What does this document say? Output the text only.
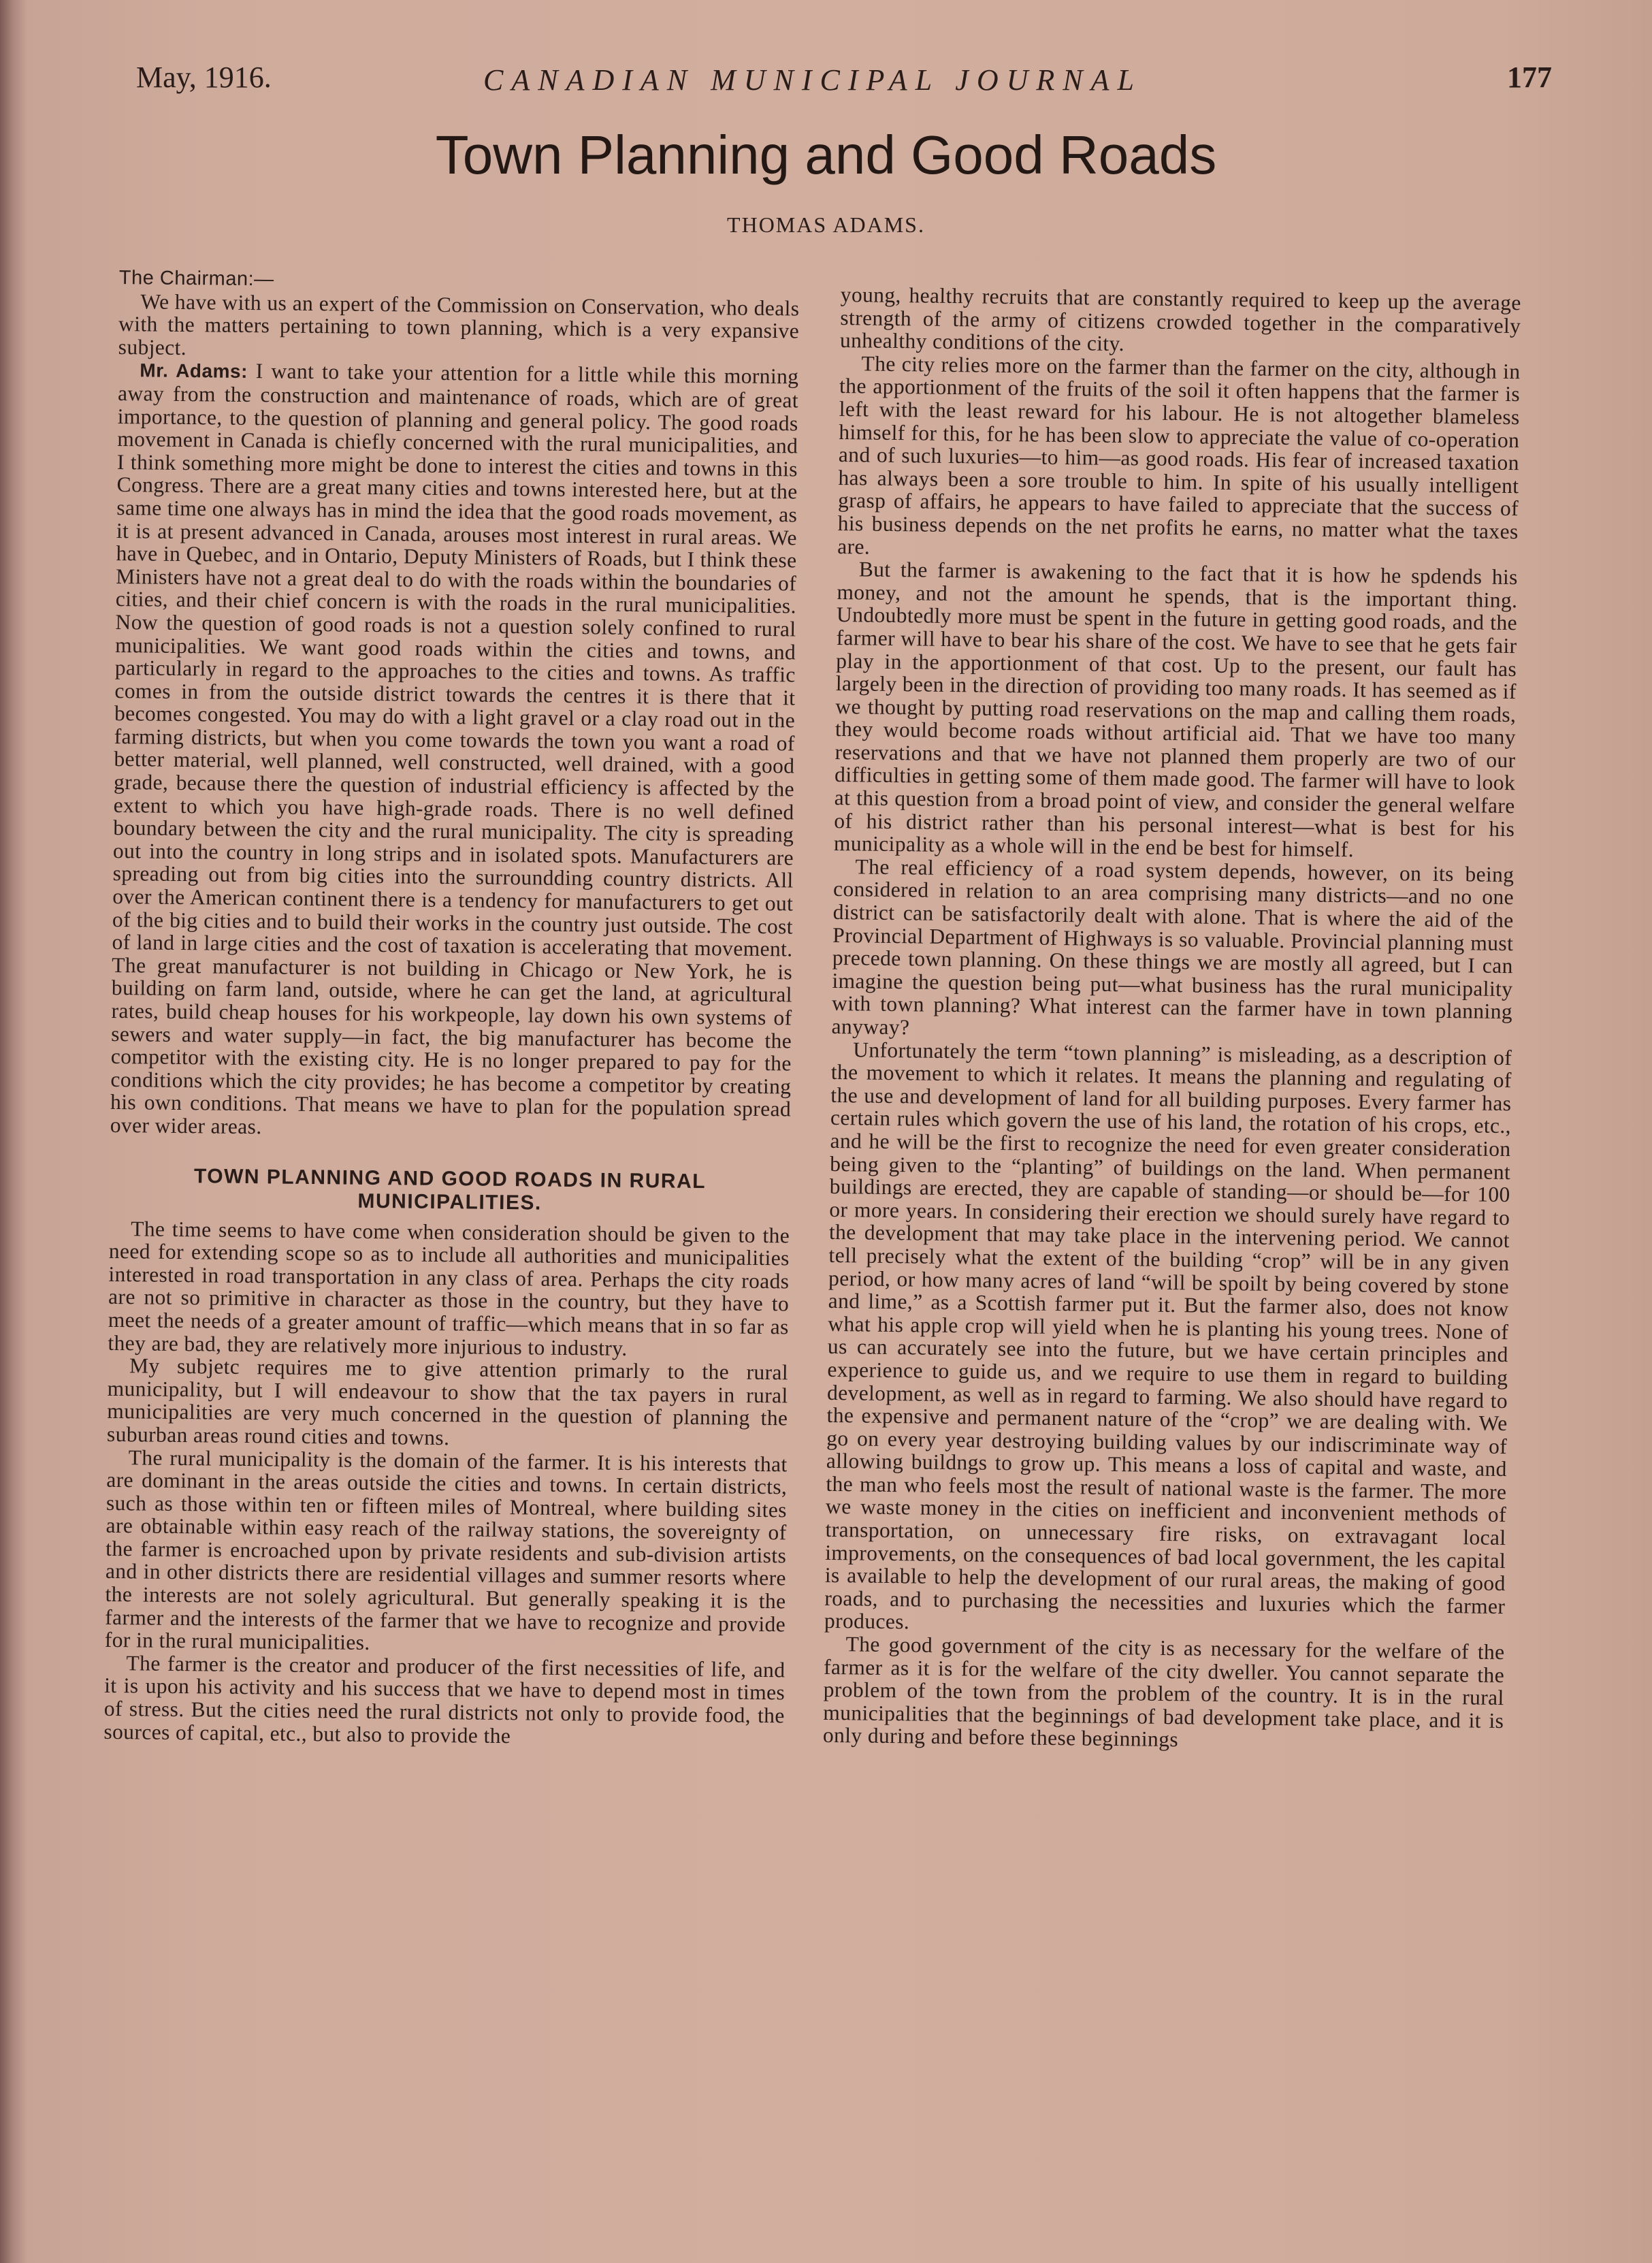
May, 1916.	CANADIAN MUNICIPAL JOURNAL	177
Town Planning and Good Roads
THOMAS ADAMS.

The Chairman:—

We have with us an expert of the Commission on Conservation, who deals with the matters pertaining to town planning, which is a very expansive subject.

Mr. Adams: I want to take your attention for a little while this morning away from the construction and maintenance of roads, which are of great importance, to the question of planning and general policy. The good roads movement in Canada is chiefly concerned with the rural municipalities, and I think something more might be done to interest the cities and towns in this Congress. There are a great many cities and towns interested here, but at the same time one always has in mind the idea that the good roads movement, as it is at present advanced in Canada, arouses most interest in rural areas. We have in Quebec, and in Ontario, Deputy Ministers of Roads, but I think these Ministers have not a great deal to do with the roads within the boundaries of cities, and their chief concern is with the roads in the rural municipalities. Now the question of good roads is not a question solely confined to rural municipalities. We want good roads within the cities and towns, and particularly in regard to the approaches to the cities and towns. As traffic comes in from the outside district towards the centres it is there that it becomes congested. You may do with a light gravel or a clay road out in the farming districts, but when you come towards the town you want a road of better material, well planned, well constructed, well drained, with a good grade, because there the question of industrial efficiency is affected by the extent to which you have high-grade roads. There is no well defined boundary between the city and the rural municipality. The city is spreading out into the country in long strips and in isolated spots. Manufacturers are spreading out from big cities into the surroundding country districts. All over the American continent there is a tendency for manufacturers to get out of the big cities and to build their works in the country just outside. The cost of land in large cities and the cost of taxation is accelerating that movement. The great manufacturer is not building in Chicago or New York, he is building on farm land, outside, where he can get the land, at agricultural rates, build cheap houses for his workpeople, lay down his own systems of sewers and water supply—in fact, the big manufacturer has become the competitor with the existing city. He is no longer prepared to pay for the conditions which the city provides; he has become a competitor by creating his own conditions. That means we have to plan for the population spread over wider areas.

TOWN PLANNING AND GOOD ROADS IN RURAL MUNICIPALITIES.

The time seems to have come when consideration should be given to the need for extending scope so as to include all authorities and municipalities interested in road transportation in any class of area. Perhaps the city roads are not so primitive in character as those in the country, but they have to meet the needs of a greater amount of traffic—which means that in so far as they are bad, they are relatively more injurious to industry.

My subjetc requires me to give attention primarly to the rural municipality, but I will endeavour to show that the tax payers in rural municipalities are very much concerned in the question of planning the suburban areas round cities and towns.

The rural municipality is the domain of the farmer. It is his interests that are dominant in the areas outside the cities and towns. In certain districts, such as those within ten or fifteen miles of Montreal, where building sites are obtainable within easy reach of the railway stations, the sovereignty of the farmer is encroached upon by private residents and sub-division artists and in other districts there are residential villages and summer resorts where the interests are not solely agricultural. But generally speaking it is the farmer and the interests of the farmer that we have to recognize and provide for in the rural municipalities.

The farmer is the creator and producer of the first necessities of life, and it is upon his activity and his success that we have to depend most in times of stress. But the cities need the rural districts not only to provide food, the sources of capital, etc., but also to provide the

young, healthy recruits that are constantly required to keep up the average strength of the army of citizens crowded together in the comparatively unhealthy conditions of the city.

The city relies more on the farmer than the farmer on the city, although in the apportionment of the fruits of the soil it often happens that the farmer is left with the least reward for his labour. He is not altogether blameless himself for this, for he has been slow to appreciate the value of co-operation and of such luxuries—to him—as good roads. His fear of increased taxation has always been a sore trouble to him. In spite of his usually intelligent grasp of affairs, he appears to have failed to appreciate that the success of his business depends on the net profits he earns, no matter what the taxes are.

But the farmer is awakening to the fact that it is how he spdends his money, and not the amount he spends, that is the important thing. Undoubtedly more must be spent in the future in getting good roads, and the farmer will have to bear his share of the cost. We have to see that he gets fair play in the apportionment of that cost. Up to the present, our fault has largely been in the direction of providing too many roads. It has seemed as if we thought by putting road reservations on the map and calling them roads, they would become roads without artificial aid. That we have too many reservations and that we have not planned them properly are two of our difficulties in getting some of them made good. The farmer will have to look at this question from a broad point of view, and consider the general welfare of his district rather than his personal interest—what is best for his municipality as a whole will in the end be best for himself.

The real efficiency of a road system depends, however, on its being considered in relation to an area comprising many districts—and no one district can be satisfactorily dealt with alone. That is where the aid of the Provincial Department of Highways is so valuable. Provincial planning must precede town planning. On these things we are mostly all agreed, but I can imagine the question being put—what business has the rural municipality with town planning? What interest can the farmer have in town planning anyway?

Unfortunately the term “town planning” is misleading, as a description of the movement to which it relates. It means the planning and regulating of the use and development of land for all building purposes. Every farmer has certain rules which govern the use of his land, the rotation of his crops, etc., and he will be the first to recognize the need for even greater consideration being given to the “planting” of buildings on the land. When permanent buildings are erected, they are capable of standing—or should be—for 100 or more years. In considering their erection we should surely have regard to the development that may take place in the intervening period. We cannot tell precisely what the extent of the building “crop” will be in any given period, or how many acres of land “will be spoilt by being covered by stone and lime,” as a Scottish farmer put it. But the farmer also, does not know what his apple crop will yield when he is planting his young trees. None of us can accurately see into the future, but we have certain principles and experience to guide us, and we require to use them in regard to building development, as well as in regard to farming. We also should have regard to the expensive and permanent nature of the “crop” we are dealing with. We go on every year destroying building values by our indiscriminate way of allowing buildngs to grow up. This means a loss of capital and waste, and the man who feels most the result of national waste is the farmer. The more we waste money in the cities on inefficient and inconvenient methods of transportation, on unnecessary fire risks, on extravagant local improvements, on the consequences of bad local government, the les capital is available to help the development of our rural areas, the making of good roads, and to purchasing the necessities and luxuries which the farmer produces.

The good government of the city is as necessary for the welfare of the farmer as it is for the welfare of the city dweller. You cannot separate the problem of the town from the problem of the country. It is in the rural municipalities that the beginnings of bad development take place, and it is only during and before these beginnings
